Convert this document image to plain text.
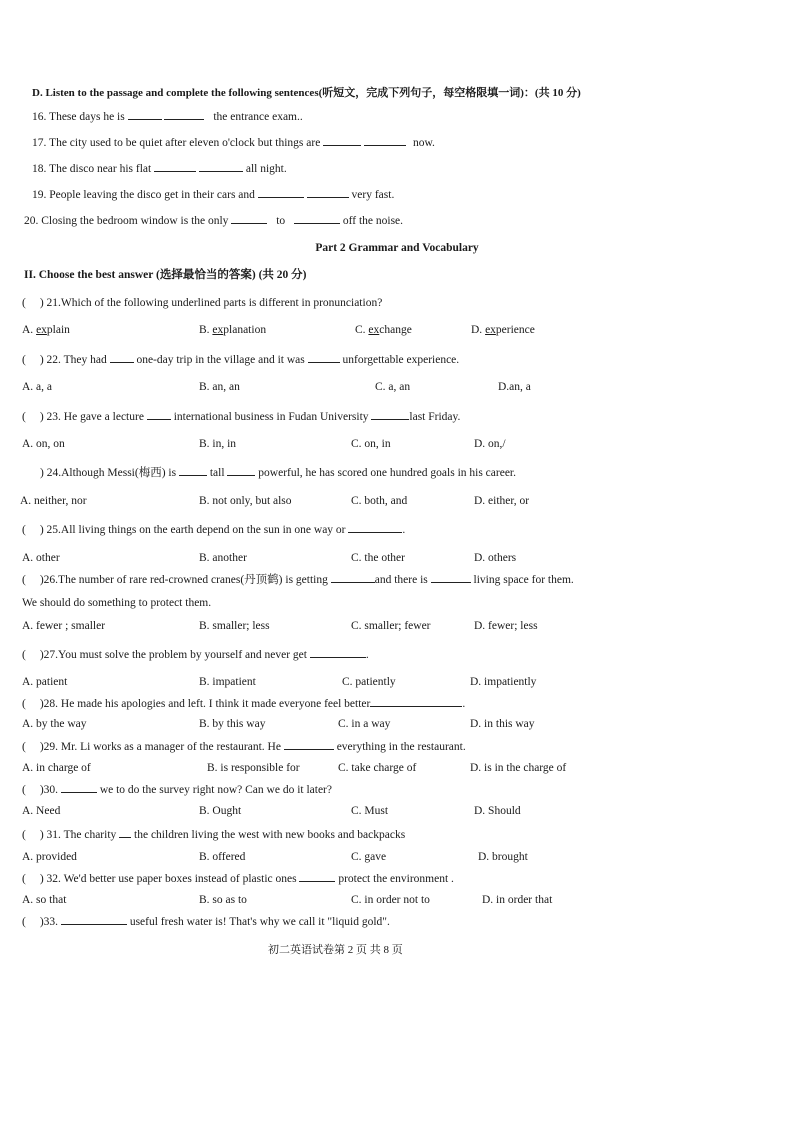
D. Listen to the passage and complete the following sentences(听短文，完成下列句子，每空格限填一词)：(共 10 分)
16. These days he is	the entrance exam..
17. The city used to be quiet after eleven o'clock but things are	now.
18. The disco near his flat	all night.
19. People leaving the disco get in their cars and	very fast.
20. Closing the bedroom window is the only	to	off the noise.
Part 2 Grammar and Vocabulary
II. Choose the best answer (选择最恰当的答案) (共 20 分)
( ) 21.Which of the following underlined parts is different in pronunciation?
A. explain	B. explanation	C. exchange	D. experience
( ) 22. They had	one-day trip in the village and it was	unforgettable experience.
A. a, a	B. an, an	C. a, an	D.an, a
( ) 23. He gave a lecture	international business in Fudan University	last Friday.
A. on, on	B. in, in	C. on, in	D. on,/
) 24.Although Messi(梅西) is	tall	powerful, he has scored one hundred goals in his career.
A. neither, nor	B. not only, but also	C. both, and	D. either, or
( ) 25.All living things on the earth depend on the sun in one way or	.
A. other	B. another	C. the other	D. others
( )26.The number of rare red-crowned cranes(丹顶鹤) is getting	and there is	living space for them.
We should do something to protect them.
A. fewer ; smaller	B. smaller; less	C. smaller; fewer	D. fewer; less
( )27.You must solve the problem by yourself and never get	.
A. patient	B. impatient	C. patiently	D. impatiently
( )28. He made his apologies and left. I think it made everyone feel better	.
A. by the way	B. by this way	C. in a way	D. in this way
( )29. Mr. Li works as a manager of the restaurant. He	everything in the restaurant.
A. in charge of	B. is responsible for	C. take charge of	D. is in the charge of
( )30.	we to do the survey right now? Can we do it later?
A. Need	B. Ought	C. Must	D. Should
( ) 31. The charity the children living the west with new books and backpacks
A. provided	B. offered	C. gave	D. brought
( ) 32. We'd better use paper boxes instead of plastic ones	protect the environment .
A. so that	B. so as to	C. in order not to	D. in order that
( )33.	useful fresh water is! That's why we call it "liquid gold".
初二英语试卷第 2 页 共 8 页
